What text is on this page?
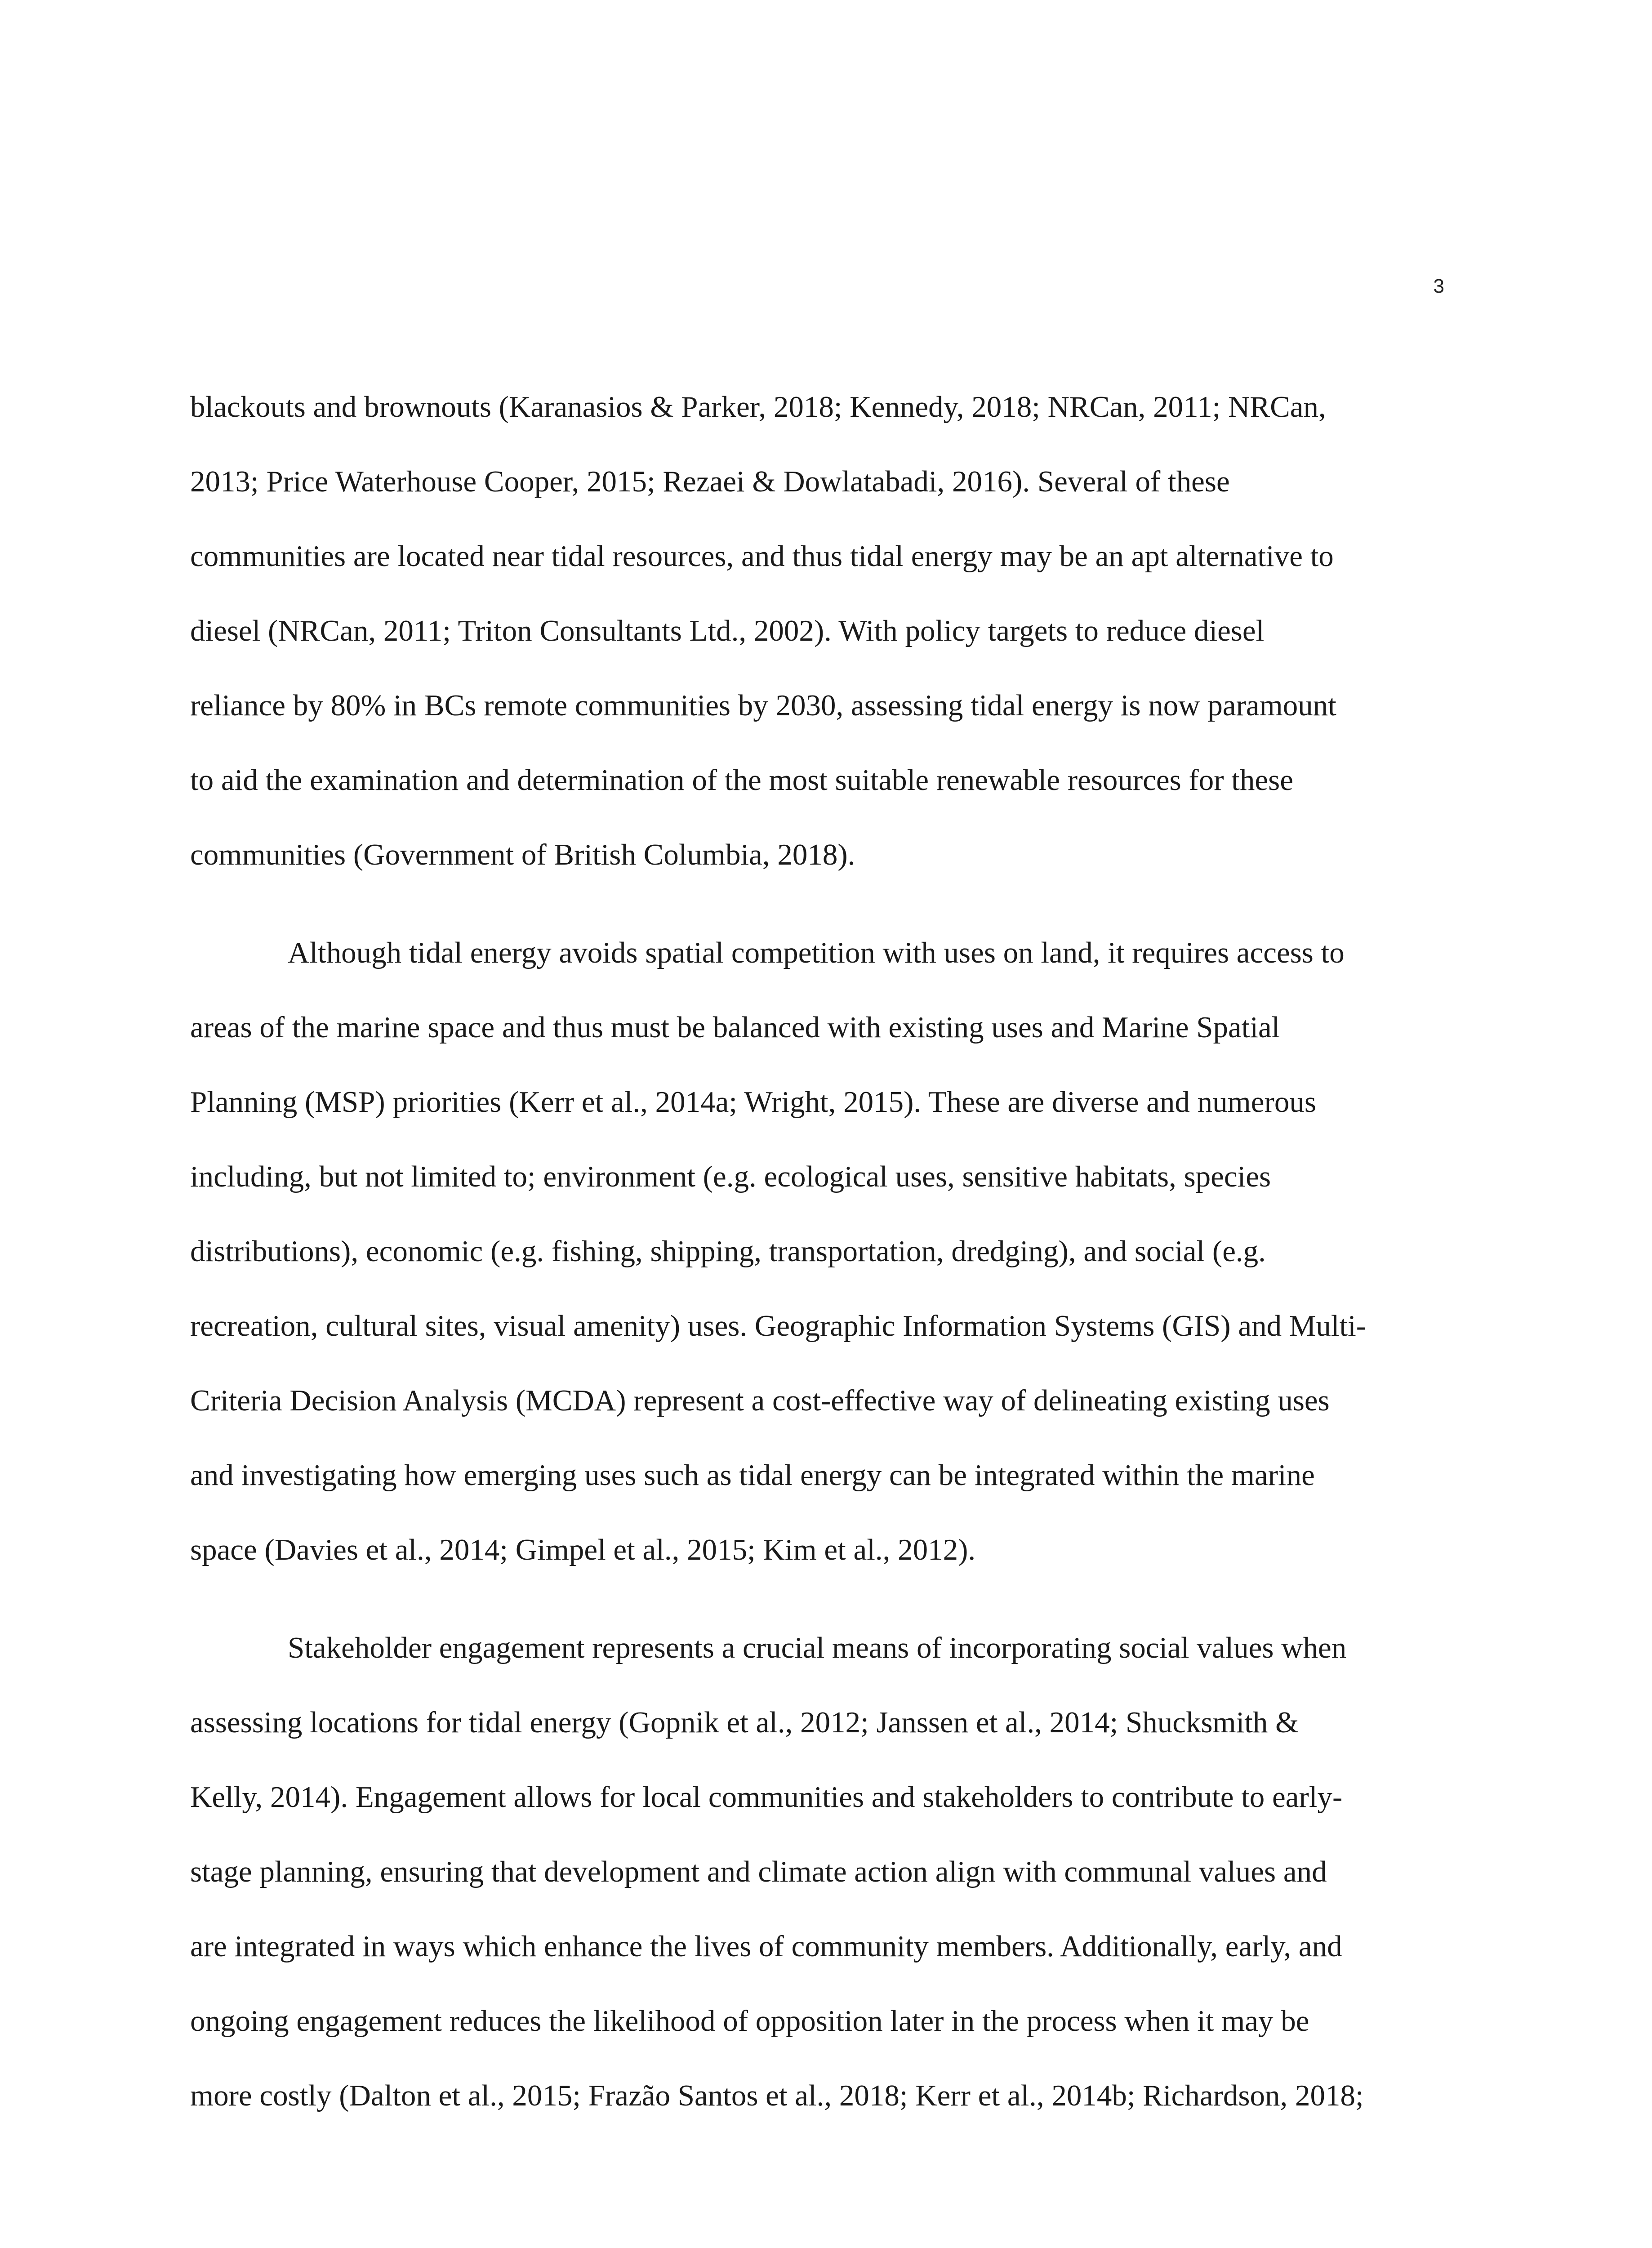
3
blackouts and brownouts (Karanasios & Parker, 2018; Kennedy, 2018; NRCan, 2011; NRCan,
2013; Price Waterhouse Cooper, 2015; Rezaei & Dowlatabadi, 2016). Several of these
communities are located near tidal resources, and thus tidal energy may be an apt alternative to
diesel (NRCan, 2011; Triton Consultants Ltd., 2002). With policy targets to reduce diesel
reliance by 80% in BCs remote communities by 2030, assessing tidal energy is now paramount
to aid the examination and determination of the most suitable renewable resources for these
communities (Government of British Columbia, 2018).
Although tidal energy avoids spatial competition with uses on land, it requires access to
areas of the marine space and thus must be balanced with existing uses and Marine Spatial
Planning (MSP) priorities (Kerr et al., 2014a; Wright, 2015). These are diverse and numerous
including, but not limited to; environment (e.g. ecological uses, sensitive habitats, species
distributions), economic (e.g. fishing, shipping, transportation, dredging), and social (e.g.
recreation, cultural sites, visual amenity) uses. Geographic Information Systems (GIS) and Multi-
Criteria Decision Analysis (MCDA) represent a cost-effective way of delineating existing uses
and investigating how emerging uses such as tidal energy can be integrated within the marine
space (Davies et al., 2014; Gimpel et al., 2015; Kim et al., 2012).
Stakeholder engagement represents a crucial means of incorporating social values when
assessing locations for tidal energy (Gopnik et al., 2012; Janssen et al., 2014; Shucksmith &
Kelly, 2014). Engagement allows for local communities and stakeholders to contribute to early-
stage planning, ensuring that development and climate action align with communal values and
are integrated in ways which enhance the lives of community members. Additionally, early, and
ongoing engagement reduces the likelihood of opposition later in the process when it may be
more costly (Dalton et al., 2015; Frazão Santos et al., 2018; Kerr et al., 2014b; Richardson, 2018;
